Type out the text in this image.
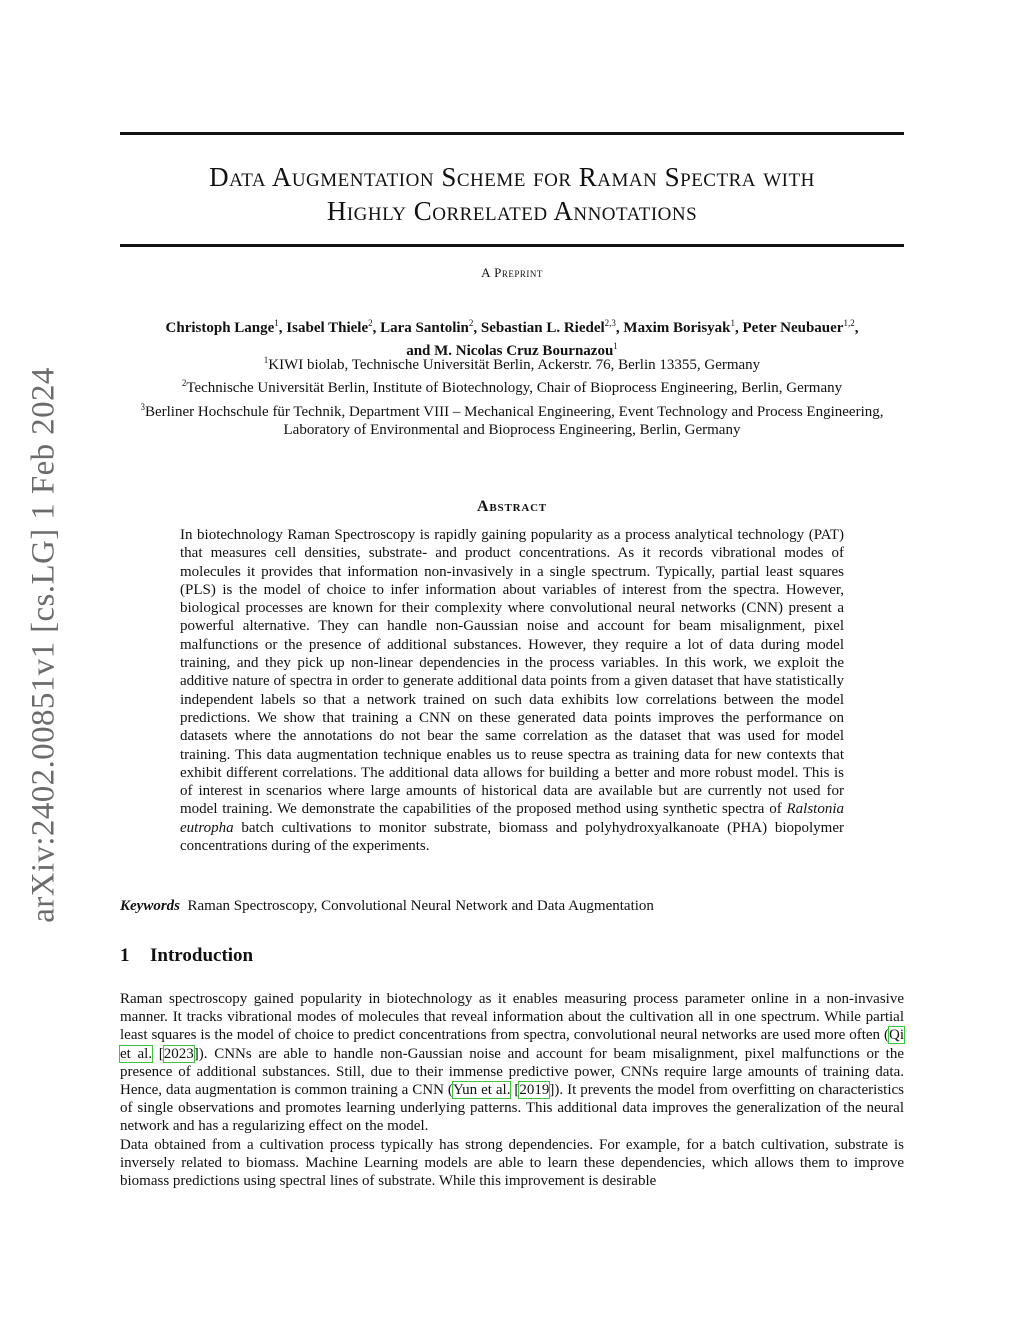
arXiv:2402.00851v1 [cs.LG] 1 Feb 2024
Data Augmentation Scheme for Raman Spectra with
Highly Correlated Annotations
A Preprint
Christoph Lange$^1$, Isabel Thiele$^2$, Lara Santolin$^2$, Sebastian L. Riedel$^{2,3}$, Maxim Borisyak$^1$, Peter Neubauer$^{1,2}$,
and M. Nicolas Cruz Bournazou$^1$
$^1$KIWI biolab, Technische Universität Berlin, Ackerstr. 76, Berlin 13355, Germany
$^2$Technische Universität Berlin, Institute of Biotechnology, Chair of Bioprocess Engineering, Berlin, Germany
$^3$Berliner Hochschule für Technik, Department VIII – Mechanical Engineering, Event Technology and Process Engineering, Laboratory of Environmental and Bioprocess Engineering, Berlin, Germany
Abstract
In biotechnology Raman Spectroscopy is rapidly gaining popularity as a process analytical technology (PAT) that measures cell densities, substrate- and product concentrations. As it records vibrational modes of molecules it provides that information non-invasively in a single spectrum. Typically, partial least squares (PLS) is the model of choice to infer information about variables of interest from the spectra. However, biological processes are known for their complexity where convolutional neural networks (CNN) present a powerful alternative. They can handle non-Gaussian noise and account for beam misalignment, pixel malfunctions or the presence of additional substances. However, they require a lot of data during model training, and they pick up non-linear dependencies in the process variables. In this work, we exploit the additive nature of spectra in order to generate additional data points from a given dataset that have statistically independent labels so that a network trained on such data exhibits low correlations between the model predictions. We show that training a CNN on these generated data points improves the performance on datasets where the annotations do not bear the same correlation as the dataset that was used for model training. This data augmentation technique enables us to reuse spectra as training data for new contexts that exhibit different correlations. The additional data allows for building a better and more robust model. This is of interest in scenarios where large amounts of historical data are available but are currently not used for model training. We demonstrate the capabilities of the proposed method using synthetic spectra of Ralstonia eutropha batch cultivations to monitor substrate, biomass and polyhydroxyalkanoate (PHA) biopolymer concentrations during of the experiments.
Keywords Raman Spectroscopy, Convolutional Neural Network and Data Augmentation
1 Introduction

Raman spectroscopy gained popularity in biotechnology as it enables measuring process parameter online in a non-invasive manner. It tracks vibrational modes of molecules that reveal information about the cultivation all in one spectrum. While partial least squares is the model of choice to predict concentrations from spectra, convolutional neural networks are used more often (Qi et al. [2023]). CNNs are able to handle non-Gaussian noise and account for beam misalignment, pixel malfunctions or the presence of additional substances. Still, due to their immense predictive power, CNNs require large amounts of training data. Hence, data augmentation is common training a CNN (Yun et al. [2019]). It prevents the model from overfitting on characteristics of single observations and promotes learning underlying patterns. This additional data improves the generalization of the neural network and has a regularizing effect on the model.

Data obtained from a cultivation process typically has strong dependencies. For example, for a batch cultivation, substrate is inversely related to biomass. Machine Learning models are able to learn these dependencies, which allows them to improve biomass predictions using spectral lines of substrate. While this improvement is desirable
